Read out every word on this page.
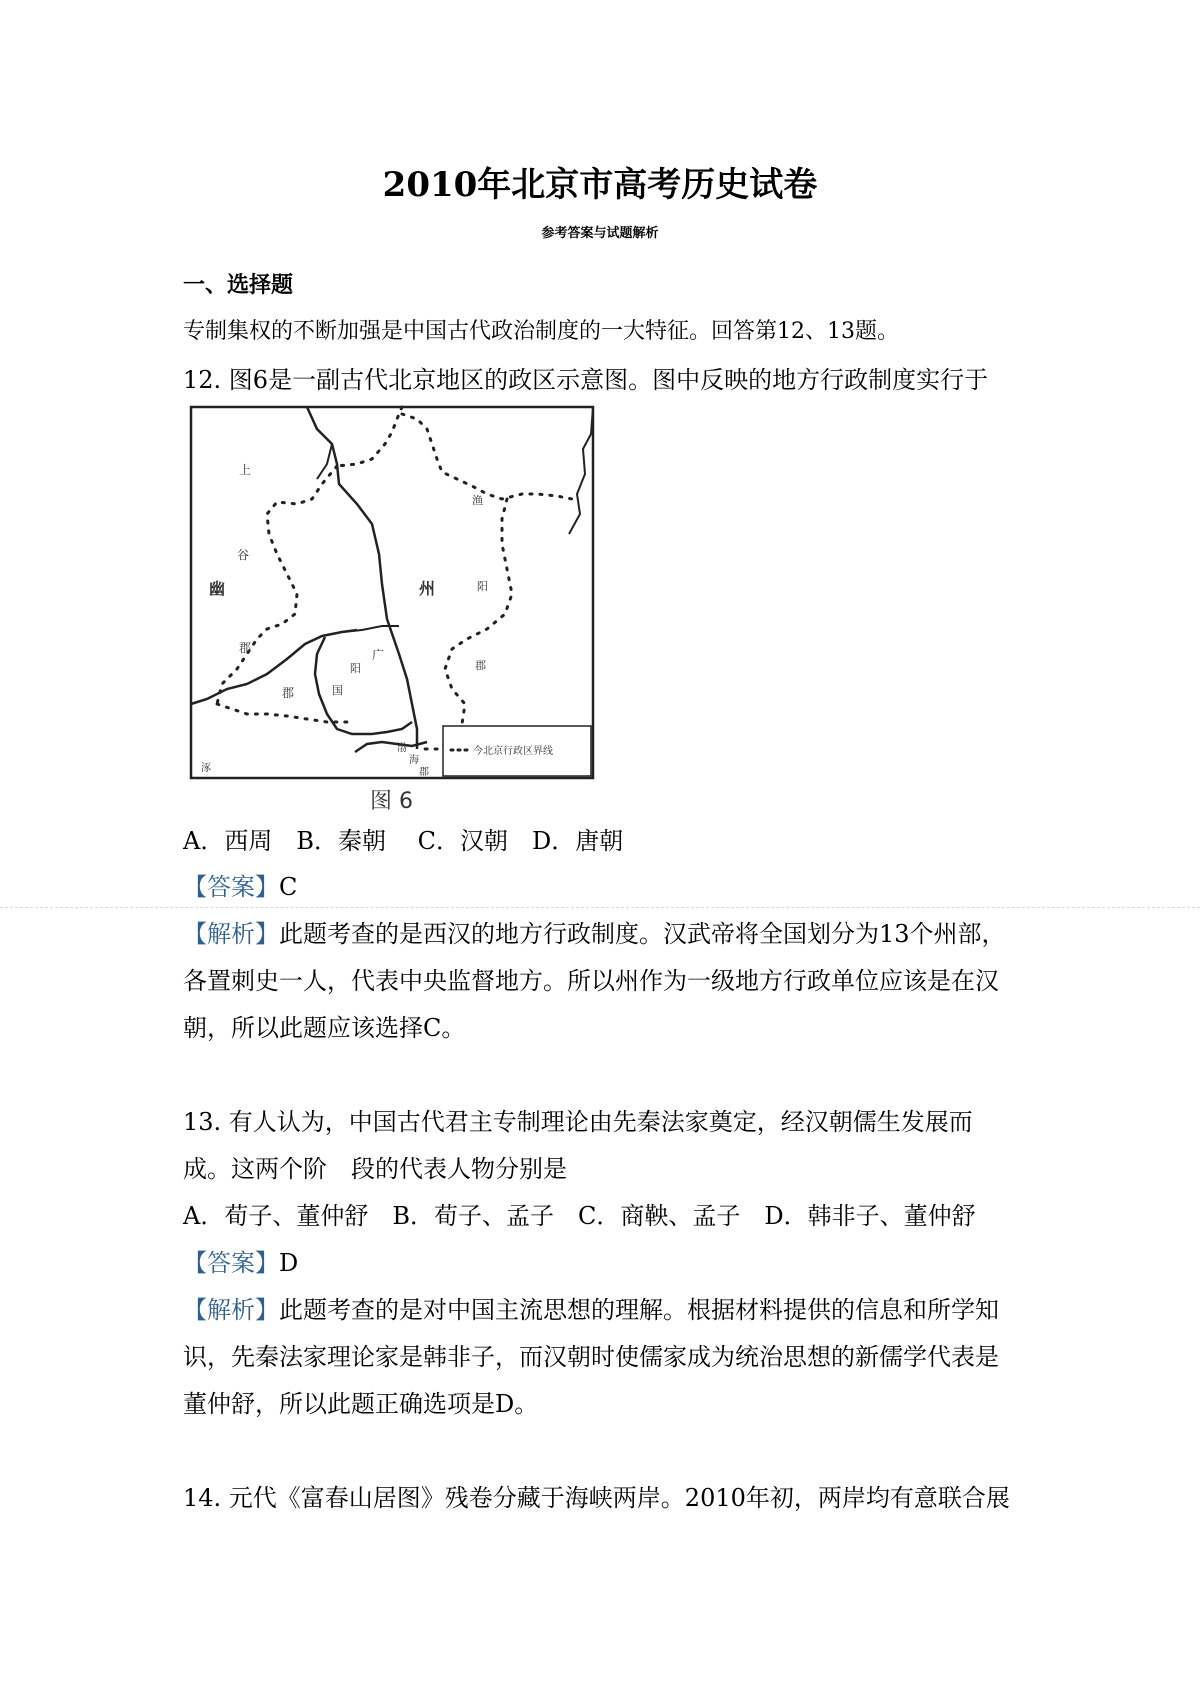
2010年北京市高考历史试卷
参考答案与试题解析
一、选择题
专制集权的不断加强是中国古代政治制度的一大特征。回答第12、13题。
12. 图6是一副古代北京地区的政区示意图。图中反映的地方行政制度实行于
今北京行政区界线
上
谷
幽
郡
州
渔
阳
郡
广
阳
国
郡
涿
渤
海
郡
图 6
A．西周　B．秦朝　 C．汉朝　D．唐朝
【答案】C
【解析】此题考查的是西汉的地方行政制度。汉武帝将全国划分为13个州部，
各置刺史一人，代表中央监督地方。所以州作为一级地方行政单位应该是在汉
朝，所以此题应该选择C。
13. 有人认为，中国古代君主专制理论由先秦法家奠定，经汉朝儒生发展而
成。这两个阶　段的代表人物分别是
A．荀子、董仲舒　B．荀子、孟子　C．商鞅、孟子　D．韩非子、董仲舒
【答案】D
【解析】此题考查的是对中国主流思想的理解。根据材料提供的信息和所学知
识，先秦法家理论家是韩非子，而汉朝时使儒家成为统治思想的新儒学代表是
董仲舒，所以此题正确选项是D。
14. 元代《富春山居图》残卷分藏于海峡两岸。2010年初，两岸均有意联合展
